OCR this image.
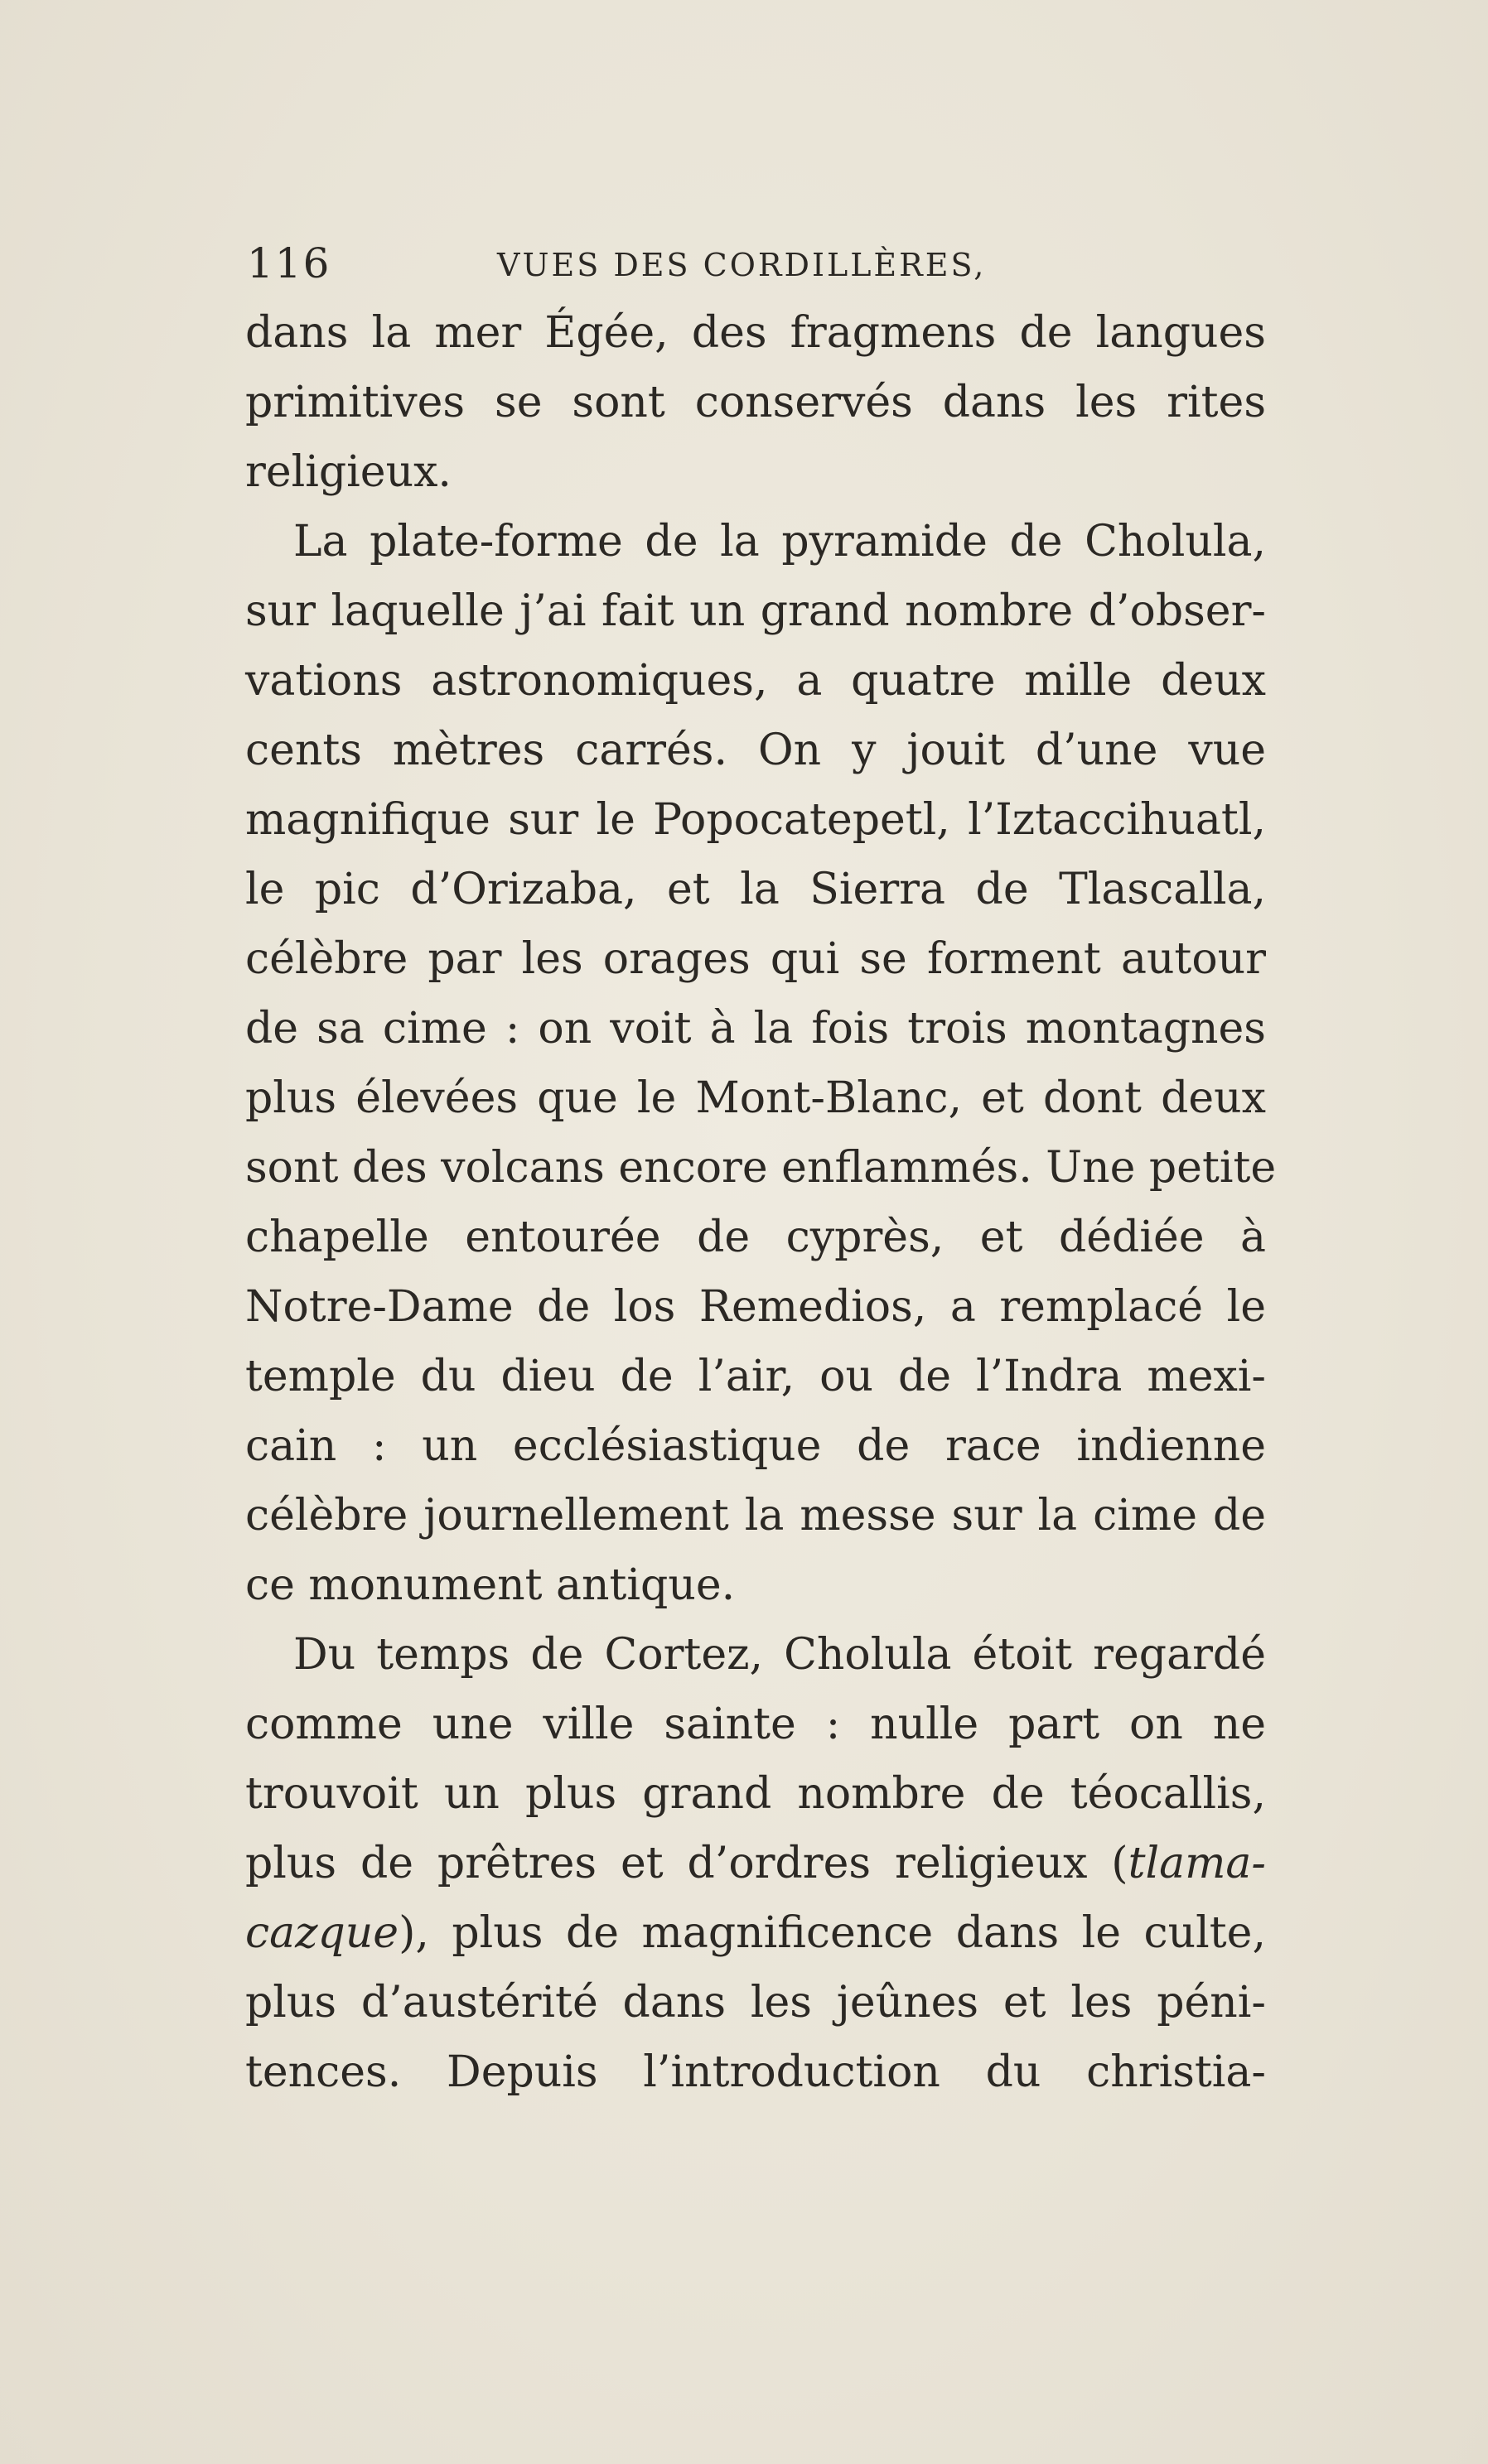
116	VUES DES CORDILLÈRES,
dans la mer Égée, des fragmens de langues
primitives se sont conservés dans les rites
religieux.
La plate-forme de la pyramide de Cholula,
sur laquelle j’ai fait un grand nombre d’obser-
vations astronomiques, a quatre mille deux
cents mètres carrés. On y jouit d’une vue
magnifique sur le Popocatepetl, l’Iztaccihuatl,
le pic d’Orizaba, et la Sierra de Tlascalla,
célèbre par les orages qui se forment autour
de sa cime : on voit à la fois trois montagnes
plus élevées que le Mont-Blanc, et dont deux
sont des volcans encore enflammés. Une petite
chapelle entourée de cyprès, et dédiée à
Notre-Dame de los Remedios, a remplacé le
temple du dieu de l’air, ou de l’Indra mexi-
cain : un ecclésiastique de race indienne
célèbre journellement la messe sur la cime de
ce monument antique.
Du temps de Cortez, Cholula étoit regardé
comme une ville sainte : nulle part on ne
trouvoit un plus grand nombre de téocallis,
plus de prêtres et d’ordres religieux (tlama-
cazque), plus de magnificence dans le culte,
plus d’austérité dans les jeûnes et les péni-
tences. Depuis l’introduction du christia-
